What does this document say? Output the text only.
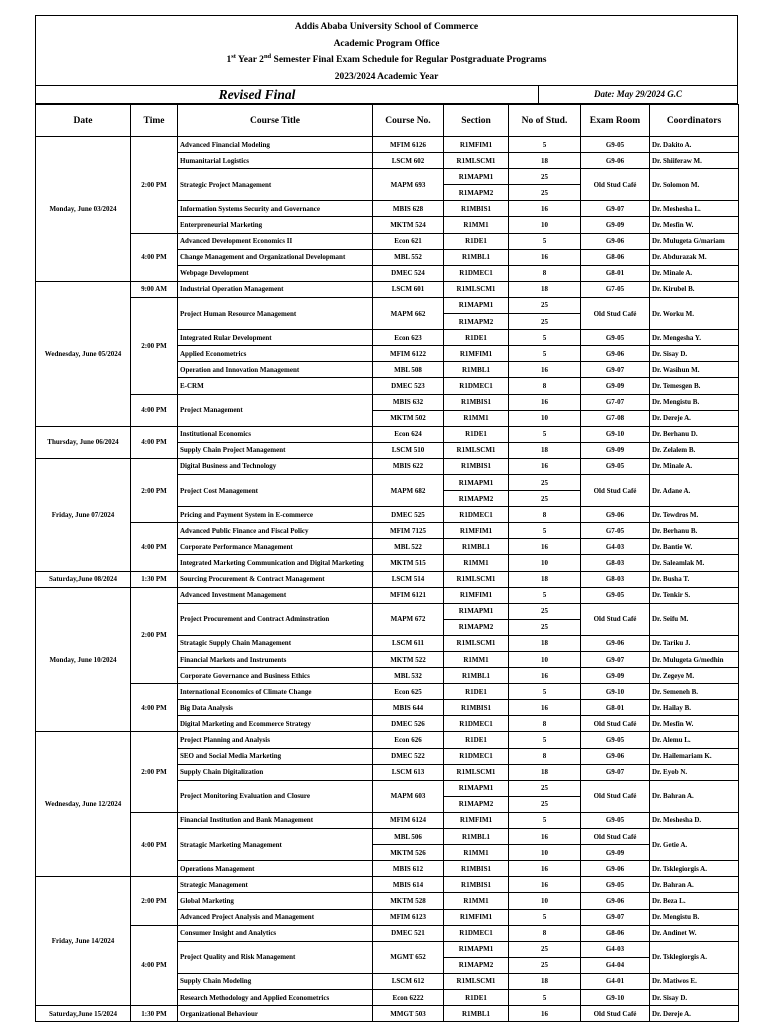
Addis Ababa University School of Commerce
Academic Program Office
1st Year 2nd Semester Final Exam Schedule for Regular Postgraduate Programs
2023/2024 Academic Year
Revised Final	Date: May 29/2024 G.C
Date	Time	Course Title	Course No.	Section	No of Stud.	Exam Room	Coordinators
Monday, June 03/2024	2:00 PM	Advanced Financial Modeling	MFIM 6126	R1MFIM1	5	G9-05	Dr. Dakito A.
		Humanitarial Logistics	LSCM 602	R1MLSCM1	18	G9-06	Dr. Shiiferaw M.
		Strategic Project Management	MAPM 693	R1MAPM1	25	Old Stud Café	Dr. Solomon M.
				R1MAPM2	25		
		Information Systems Security and Governance	MBIS 628	R1MBIS1	16	G9-07	Dr. Meshesha L.
		Enterpreneurial Marketing	MKTM 524	R1MM1	10	G9-09	Dr. Mesfin W.
	4:00 PM	Advanced Development Economics II	Econ 621	R1DE1	5	G9-06	Dr. Mulugeta G/mariam
		Change Management and Organizational Developmant	MBL 552	R1MBL1	16	G8-06	Dr. Abdurazak M.
		Webpage Development	DMEC 524	R1DMEC1	8	G8-01	Dr. Minale A.
Wednesday, June 05/2024	9:00 AM	Industrial Operation Management	LSCM 601	R1MLSCM1	18	G7-05	Dr. Kirubel B.
	2:00 PM	Project Human Resource Management	MAPM 662	R1MAPM1	25	Old Stud Café	Dr. Worku M.
				R1MAPM2	25		
		Integrated Rular Development	Econ 623	R1DE1	5	G9-05	Dr. Mengesha Y.
		Applied Econometrics	MFIM 6122	R1MFIM1	5	G9-06	Dr. Sisay D.
		Operation and Innovation Management	MBL 508	R1MBL1	16	G9-07	Dr. Wasihun M.
		E-CRM	DMEC 523	R1DMEC1	8	G9-09	Dr. Temesgen B.
	4:00 PM	Project Management	MBIS 632	R1MBIS1	16	G7-07	Dr. Mengistu B.
			MKTM 502	R1MM1	10	G7-08	Dr. Dereje A.
Thursday, June 06/2024	4:00 PM	Institutional Economics	Econ 624	R1DE1	5	G9-10	Dr. Berhanu D.
		Supply Chain Project Management	LSCM 510	R1MLSCM1	18	G9-09	Dr. Zelalem B.
Friday, June 07/2024	2:00 PM	Digital Business and Technology	MBIS 622	R1MBIS1	16	G9-05	Dr. Minale A.
		Project Cost Management	MAPM 682	R1MAPM1	25	Old Stud Café	Dr. Adane A.
				R1MAPM2	25		
		Pricing and Payment System in E-commerce	DMEC 525	R1DMEC1	8	G9-06	Dr. Tewdros M.
	4:00 PM	Advanced Public Finance and Fiscal Policy	MFIM 7125	R1MFIM1	5	G7-05	Dr. Berhanu B.
		Corporate Performance Management	MBL 522	R1MBL1	16	G4-03	Dr. Bantie W.
		Integrated Marketing Communication and Digital Marketing	MKTM 515	R1MM1	10	G8-03	Dr. Saleamlak M.
Saturday,June 08/2024	1:30 PM	Sourcing Procurement & Contract Management	LSCM 514	R1MLSCM1	18	G8-03	Dr. Busha T.
Monday, June 10/2024	2:00 PM	Advanced Investment Management	MFIM 6121	R1MFIM1	5	G9-05	Dr. Tenkir S.
		Project Procurement and Contract Adminstration	MAPM 672	R1MAPM1	25	Old Stud Café	Dr. Seifu M.
				R1MAPM2	25		
		Stratagic Supply Chain Management	LSCM 611	R1MLSCM1	18	G9-06	Dr. Tariku J.
		Financial Markets and Instruments	MKTM 522	R1MM1	10	G9-07	Dr. Mulugeta G/medhin
		Corporate Governance and Business Ethics	MBL 532	R1MBL1	16	G9-09	Dr. Zegeye M.
	4:00 PM	International Economics of Climate Change	Econ 625	R1DE1	5	G9-10	Dr. Semeneh B.
		Big Data Analysis	MBIS 644	R1MBIS1	16	G8-01	Dr. Hailay B.
		Digital Marketing and Ecommerce Strategy	DMEC 526	R1DMEC1	8	Old Stud Café	Dr. Mesfin W.
Wednesday, June 12/2024	2:00 PM	Project Planning and Analysis	Econ 626	R1DE1	5	G9-05	Dr. Alemu L.
		SEO and Social Media Marketing	DMEC 522	R1DMEC1	8	G9-06	Dr. Hailemariam K.
		Supply Chain Digitalization	LSCM 613	R1MLSCM1	18	G9-07	Dr. Eyob N.
		Project Monitoring Evaluation and Closure	MAPM 603	R1MAPM1	25	Old Stud Café	Dr. Bahran A.
				R1MAPM2	25		
	4:00 PM	Financial Institution and Bank Management	MFIM 6124	R1MFIM1	5	G9-05	Dr. Meshesha D.
		Stratagic Marketing Management	MBL 506	R1MBL1	16	Old Stud Café	Dr. Getie A.
			MKTM 526	R1MM1	10	G9-09	
		Operations Management	MBIS 612	R1MBIS1	16	G9-06	Dr. Tsklegiorgis A.
Friday, June 14/2024	2:00 PM	Strategic Management	MBIS 614	R1MBIS1	16	G9-05	Dr. Bahran A.
		Global Marketing	MKTM 528	R1MM1	10	G9-06	Dr. Beza L.
		Advanced Project Analysis and Management	MFIM 6123	R1MFIM1	5	G9-07	Dr. Mengistu B.
	4:00 PM	Consumer Insight and Analytics	DMEC 521	R1DMEC1	8	G8-06	Dr. Andinet W.
		Project Quality and Risk Management	MGMT 652	R1MAPM1	25	G4-03	Dr. Tsklegiorgis A.
				R1MAPM2	25	G4-04	
		Supply Chain Modeling	LSCM 612	R1MLSCM1	18	G4-01	Dr. Matiwos E.
		Research Methodology and Applied Econometrics	Econ 6222	R1DE1	5	G9-10	Dr. Sisay D.
Saturday,June 15/2024	1:30 PM	Organizational Behaviour	MMGT 503	R1MBL1	16	Old Stud Café	Dr. Dereje A.
